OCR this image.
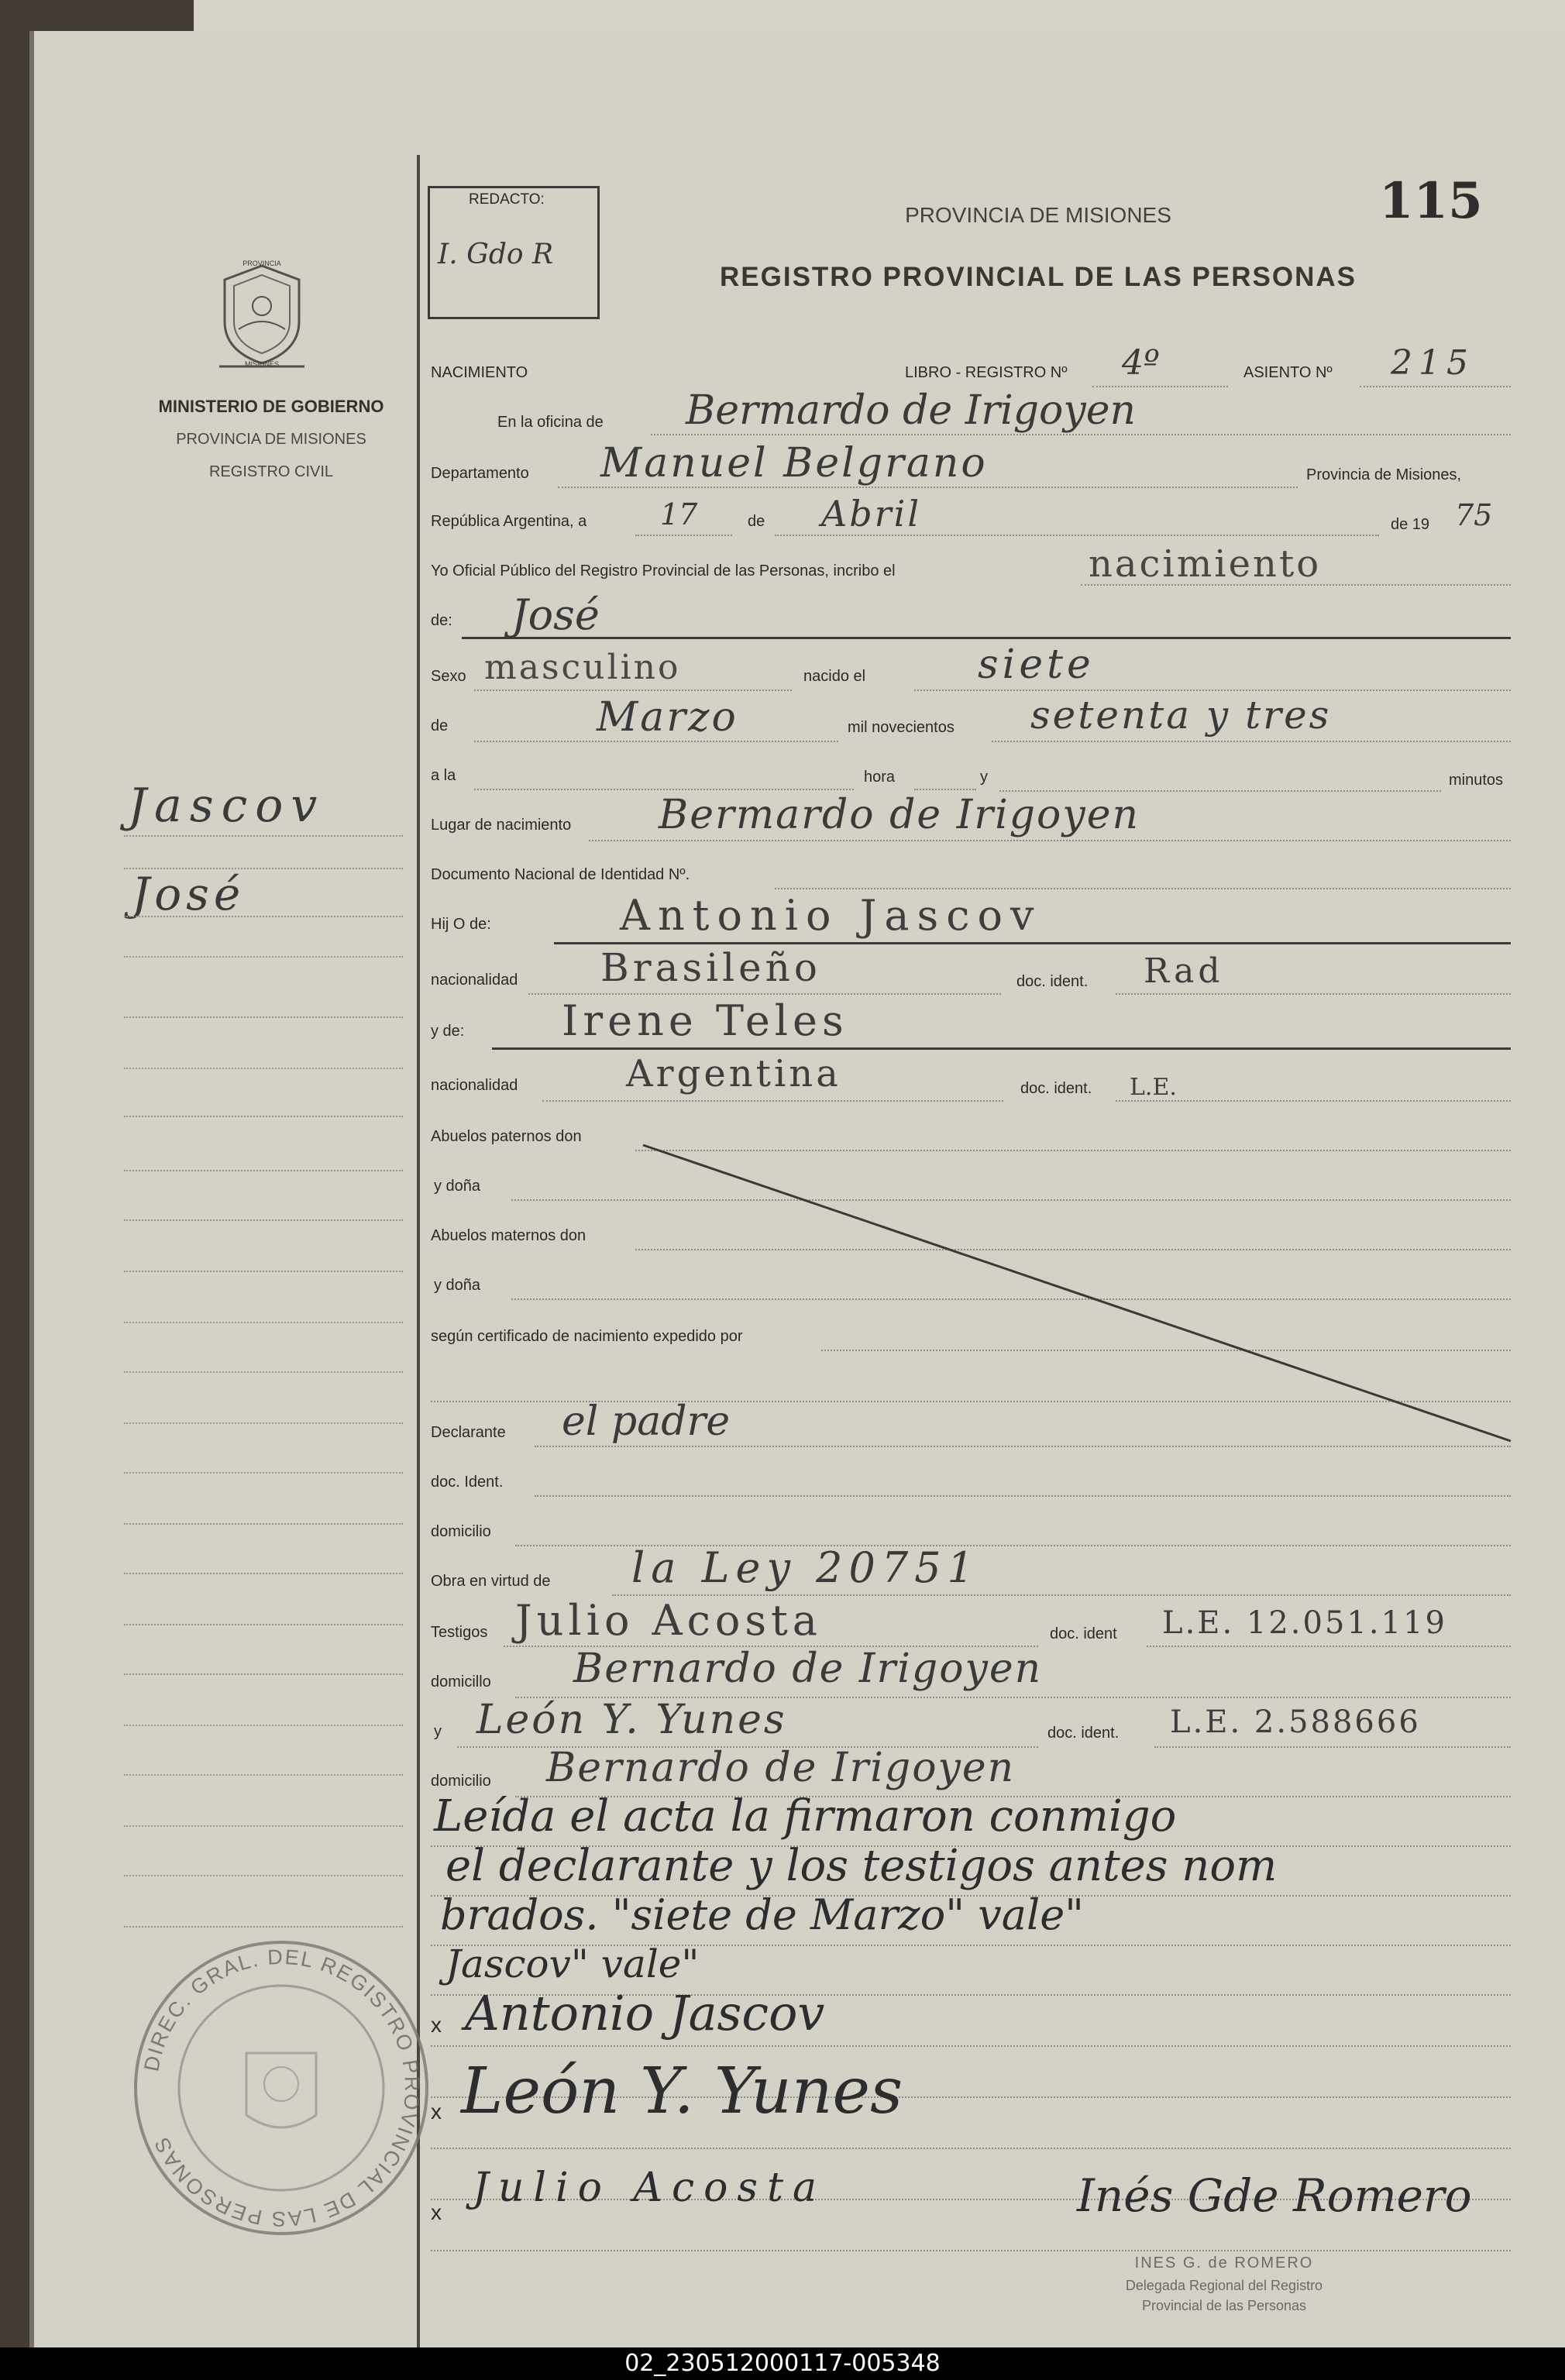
PROVINCIA
MISIONES
MINISTERIO DE GOBIERNO
PROVINCIA DE MISIONES
REGISTRO CIVIL
Jascov
José
DIREC. GRAL. DEL REGISTRO PROVINCIAL DE LAS PERSONAS
REDACTO:
I. Gdo R
PROVINCIA DE MISIONES
REGISTRO PROVINCIAL DE LAS PERSONAS
115
NACIMIENTO	LIBRO - REGISTRO Nº 4º	ASIENTO Nº 215
En la oficina de Bermardo de Irigoyen
Departamento Manuel Belgrano	Provincia de Misiones,
República Argentina, a 17	de Abril	de 19 75
Yo Oficial Público del Registro Provincial de las Personas, incribo el	nacimiento
de: José
Sexo masculino	nacido el	siete
de	Marzo	mil novecientos setenta y tres
a la	hora	y	minutos
Lugar de nacimiento Bermardo de Irigoyen
Documento Nacional de Identidad Nº.
Hij O de:	Antonio Jascov
nacionalidad Brasileño	doc. ident. Rad
y de: Irene Teles
nacionalidad	Argentina	doc. ident. L.E.
Abuelos paternos don
y doña
Abuelos maternos don
y doña
según certificado de nacimiento expedido por
Declarante el padre
doc. Ident.
domicilio
Obra en virtud de la Ley 20751
Testigos Julio Acosta	doc. ident L.E. 12.051.119
domicillo Bernardo de Irigoyen
y León Y. Yunes	doc. ident. L.E. 2.588666
domicilio Bernardo de Irigoyen
Leída el acta la firmaron conmigo
el declarante y los testigos antes nom
brados. "siete de Marzo" vale"
Jascov" vale"
x Antonio Jascov
x León Y. Yunes
x
Julio Acosta	Inés Gde Romero
INES G. de ROMERO
Delegada Regional del Registro
Provincial de las Personas
02_230512000117-005348
